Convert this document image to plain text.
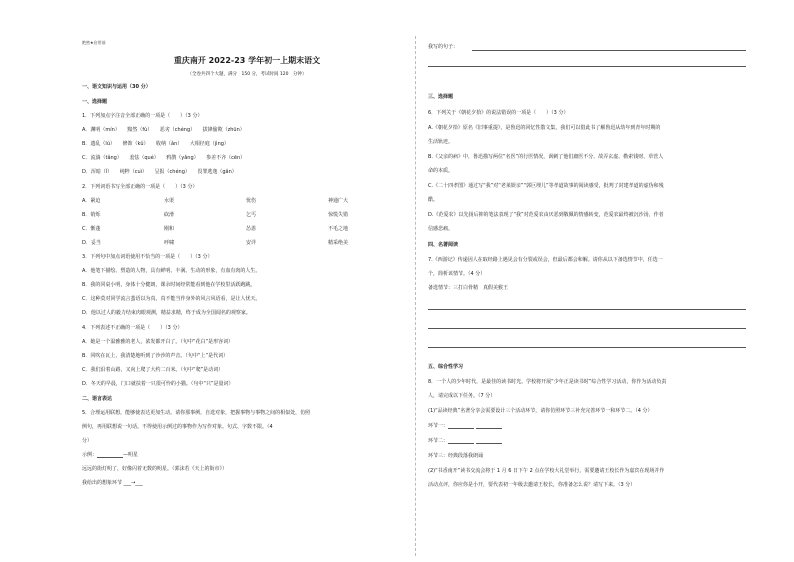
绝密★启用前
重庆南开 2022-23 学年初一上期末语文
（全卷共四个大题，满分　150 分，考试时间 120　分钟）
一、语文知识与运用（30 分）
一、选择题
1．下列加点字注音全部正确的一项是（　　）（3 分）
A．渊明（mín）　　黯然（fù）　　恶劣（chéng）　　拔锋偷欺（zhūn）
B．遗乱（lú）　　修饰（kǔ）　　收纳（ǎn）　　大相径庭（jìng）
C．流淌（tǎng）　　羞怯（qué）　　鸦鹊（yǎng）　　参差不齐（cēn）
D．浑暗（ǐ）　　纯粹（cuì）　　呈报（chéng）　　畏罪逃逸（gǎn）
2．下列词语书写全部正确的一项是（　　）（3 分）
A．紧迫	水渠	忧伤	神通广大
B．销烁	砍滑	乞丐	惊慌失错
C．惭蓬	刚和	怂恿	不毛之地
D．妥当	呼啸	安详	精采绝美
3．下列句中加点词语使用不恰当的一项是（　　）（3 分）
A．他笔下描绘、塑造的人物，具有鲜明、丰满、生动的形象，有血有肉的人生。
B．我的同桌小明，身体十分健朗，课余时间经常能看到他在学校里活跃跑跳。
C．这种莫对同学流言蜚语以为真，真不能当作身外的风言风语看，是让人忧天。
D．他以过人的毅力结束肉眼观测，精益求精，终于成为全国闻名的观察家。
4．下列表述不正确的一项是（　　）（3 分）
A．她是一个温雅雅的老人，浓发都开白了。（句中“花白”是形容词）
B．同吹在瓦上，我清楚地听到了沙沙的声音。（句中“上”是代词）
C．我们沿着山路，又向上爬了大约二百米。（句中“爬”是动词）
D．冬天的早晨，门口就扶着一只很可怜的小猫。（句中“只”是量词）
二、语言表达
5．合理运用联想，能够使表达更加生动。请你那事例，自选对象，把握事物与事物之间的相似处，仿照
例句，再用联想说一句话。不得使用示例过的事物作为写作对象。句式、字数不限。（4
分）
示例：	—明星
远远的街灯明了，好像闪着无数的明星。（郭沫若《天上的街市》）
我给出的想象环节 ___→___
我写的句子：
三、选择题
6．下列关于《朝花夕拾》的说法错误的一项是（　　）（3 分）
A.《朝花夕拾》原名《旧事重提》，是鲁迅的回忆性散文集，我们可以借此书了解鲁迅从幼年到青年时期的
生活轨迹。
B.《父亲的病》中，鲁迅描写两位“名医”的行医情况，讽刺了他们庸医不分、故弄玄虚、勒索钱财、草菅人
命的本质。
C.《二十四孝图》通过写“我”对“老莱娱亲”“郭巨埋儿”等孝道故事的阅读感受，批判了封建孝道的虚伪和残
酷。
D.《范爱农》以先扬后抑的笔法表现了“我”对范爱农由厌恶到敬佩的情感转变，范爱农最终被沉沙汤，作者
信感悲痛。
四、名著阅读
7.《西游记》传递因人在取经路上遇见会有分裂或误会，但最后都会和解。请你从以下备选情节中，任选一
个，简析该情节。（4 分）
备选情节：三打白骨精　真假美猴王
五、综合性学习
8．一个人的少年时代，是最佳的读书时光。学校将开展“少年正是读书时”综合性学习活动，你作为活动负责
人，请完成以下任务。（7 分）
(1)“品读经典”名著分享会需要设计三个活动环节，请你仿照环节三补充完善环节一和环节二。（4 分）
环节一：
环节二：
环节三：经典段落我朗诵
(2)“书香南开”读书交流会将于 1 月 6 日下午 2 点在学校大礼堂举行，需要邀请王校长作为嘉宾在现场并作
活动点评，你应你是小开，要代表初一年级去邀请王校长，你准备怎么说？请写下来。（3 分）
